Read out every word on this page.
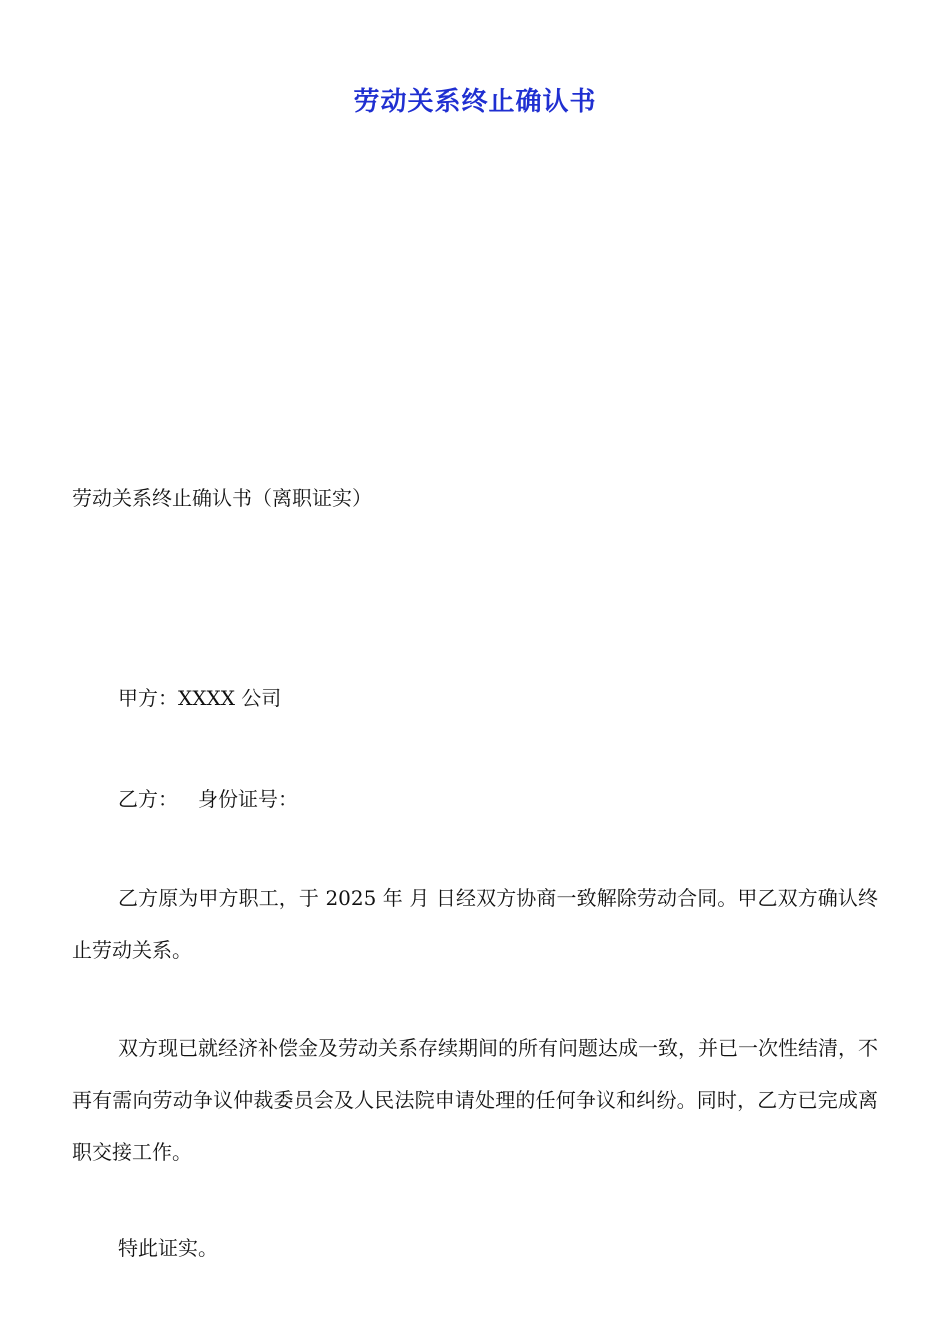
劳动关系终止确认书

劳动关系终止确认书（离职证实）

甲方：XXXX 公司

乙方： 身份证号：

乙方原为甲方职工，于 2025 年 月 日经双方协商一致解除劳动合同。甲乙双方确认终止劳动关系。

双方现已就经济补偿金及劳动关系存续期间的所有问题达成一致，并已一次性结清，不再有需向劳动争议仲裁委员会及人民法院申请处理的任何争议和纠纷。同时，乙方已完成离职交接工作。

特此证实。
